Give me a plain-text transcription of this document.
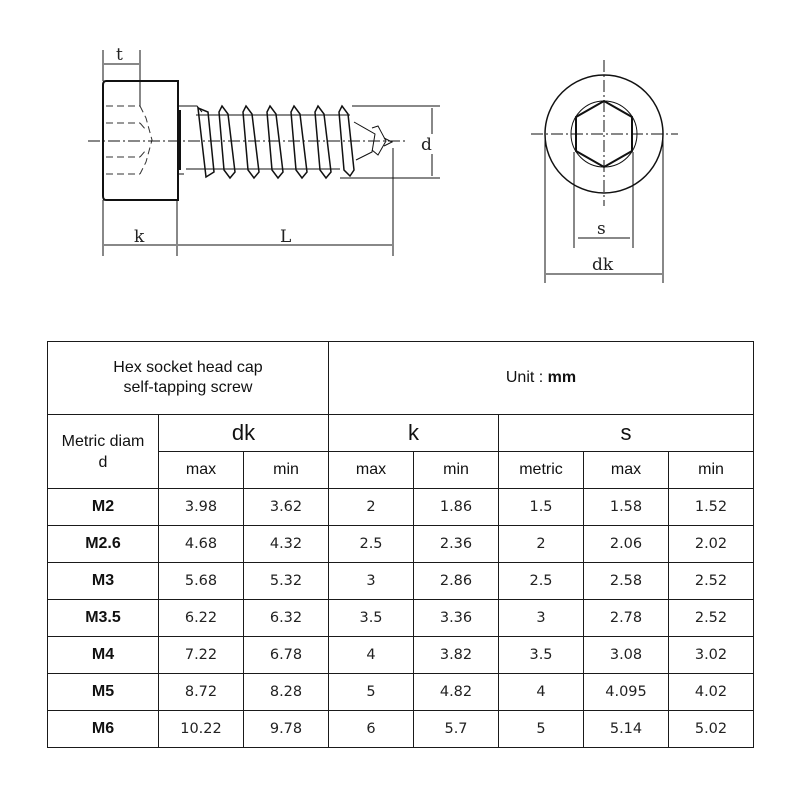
t
k	L
d
s
dk
Hex socket head cap
self-tapping screw			Unit : mm				

Metric diam
d	dk		k		s		
	max	min	max	min	metric	max	min
M2	3.98	3.62	2	1.86	1.5	1.58	1.52
M2.6	4.68	4.32	2.5	2.36	2	2.06	2.02
M3	5.68	5.32	3	2.86	2.5	2.58	2.52
M3.5	6.22	6.32	3.5	3.36	3	2.78	2.52
M4	7.22	6.78	4	3.82	3.5	3.08	3.02
M5	8.72	8.28	5	4.82	4	4.095	4.02
M6	10.22	9.78	6	5.7	5	5.14	5.02
